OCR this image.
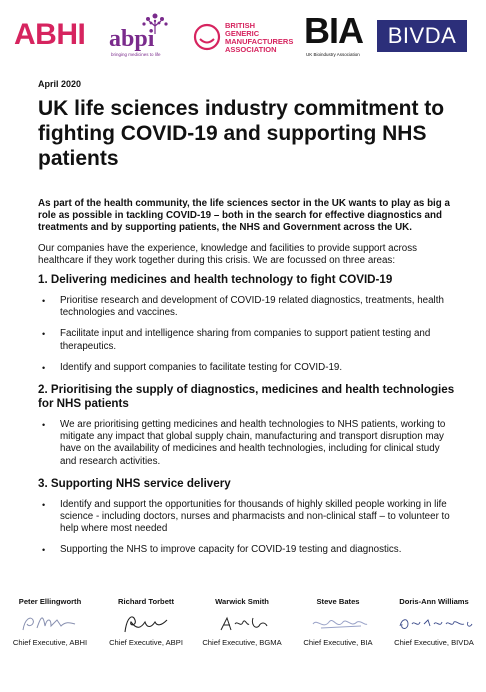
ABHI abpi
bringing medicines to life
BRITISH
GENERIC
MANUFACTURERS
ASSOCIATION BIA
UK Bioindustry Association
BIVDA
April 2020
UK life sciences industry commitment to fighting COVID-19 and supporting NHS patients

As part of the health community, the life sciences sector in the UK wants to play as big a role as possible in tackling COVID-19 – both in the search for effective diagnostics and treatments and by supporting patients, the NHS and Government across the UK.

Our companies have the experience, knowledge and facilities to provide support across healthcare if they work together during this crisis. We are focussed on three areas:

1. Delivering medicines and health technology to fight COVID-19
• Prioritise research and development of COVID-19 related diagnostics, treatments, health technologies and vaccines.
• Facilitate input and intelligence sharing from companies to support patient testing and therapeutics.
• Identify and support companies to facilitate testing for COVID-19.
2. Prioritising the supply of diagnostics, medicines and health technologies for NHS patients
• We are prioritising getting medicines and health technologies to NHS patients, working to mitigate any impact that global supply chain, manufacturing and transport disruption may have on the availability of medicines and health technologies, including for clinical study and research activities.
3. Supporting NHS service delivery
• Identify and support the opportunities for thousands of highly skilled people working in life science - including doctors, nurses and pharmacists and non-clinical staff – to volunteer to help where most needed
• Supporting the NHS to improve capacity for COVID-19 testing and diagnostics.
Peter Ellingworth
Chief Executive, ABHI
Richard Torbett
Chief Executive, ABPI
Warwick Smith
Chief Executive, BGMA
Steve Bates
Chief Executive, BIA
Doris-Ann Williams
Chief Executive, BIVDA
